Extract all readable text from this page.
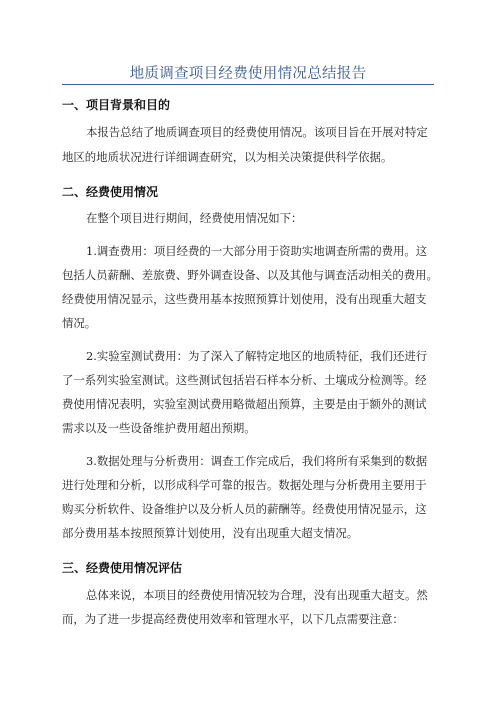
地质调查项目经费使用情况总结报告
一、项目背景和目的
本报告总结了地质调查项目的经费使用情况。该项目旨在开展对特定
地区的地质状况进行详细调查研究，以为相关决策提供科学依据。
二、经费使用情况
在整个项目进行期间，经费使用情况如下：
1.调查费用：项目经费的一大部分用于资助实地调查所需的费用。这
包括人员薪酬、差旅费、野外调查设备、以及其他与调查活动相关的费用。
经费使用情况显示，这些费用基本按照预算计划使用，没有出现重大超支
情况。
2.实验室测试费用：为了深入了解特定地区的地质特征，我们还进行
了一系列实验室测试。这些测试包括岩石样本分析、土壤成分检测等。经
费使用情况表明，实验室测试费用略微超出预算，主要是由于额外的测试
需求以及一些设备维护费用超出预期。
3.数据处理与分析费用：调查工作完成后，我们将所有采集到的数据
进行处理和分析，以形成科学可靠的报告。数据处理与分析费用主要用于
购买分析软件、设备维护以及分析人员的薪酬等。经费使用情况显示，这
部分费用基本按照预算计划使用，没有出现重大超支情况。
三、经费使用情况评估
总体来说，本项目的经费使用情况较为合理，没有出现重大超支。然
而，为了进一步提高经费使用效率和管理水平，以下几点需要注意：
